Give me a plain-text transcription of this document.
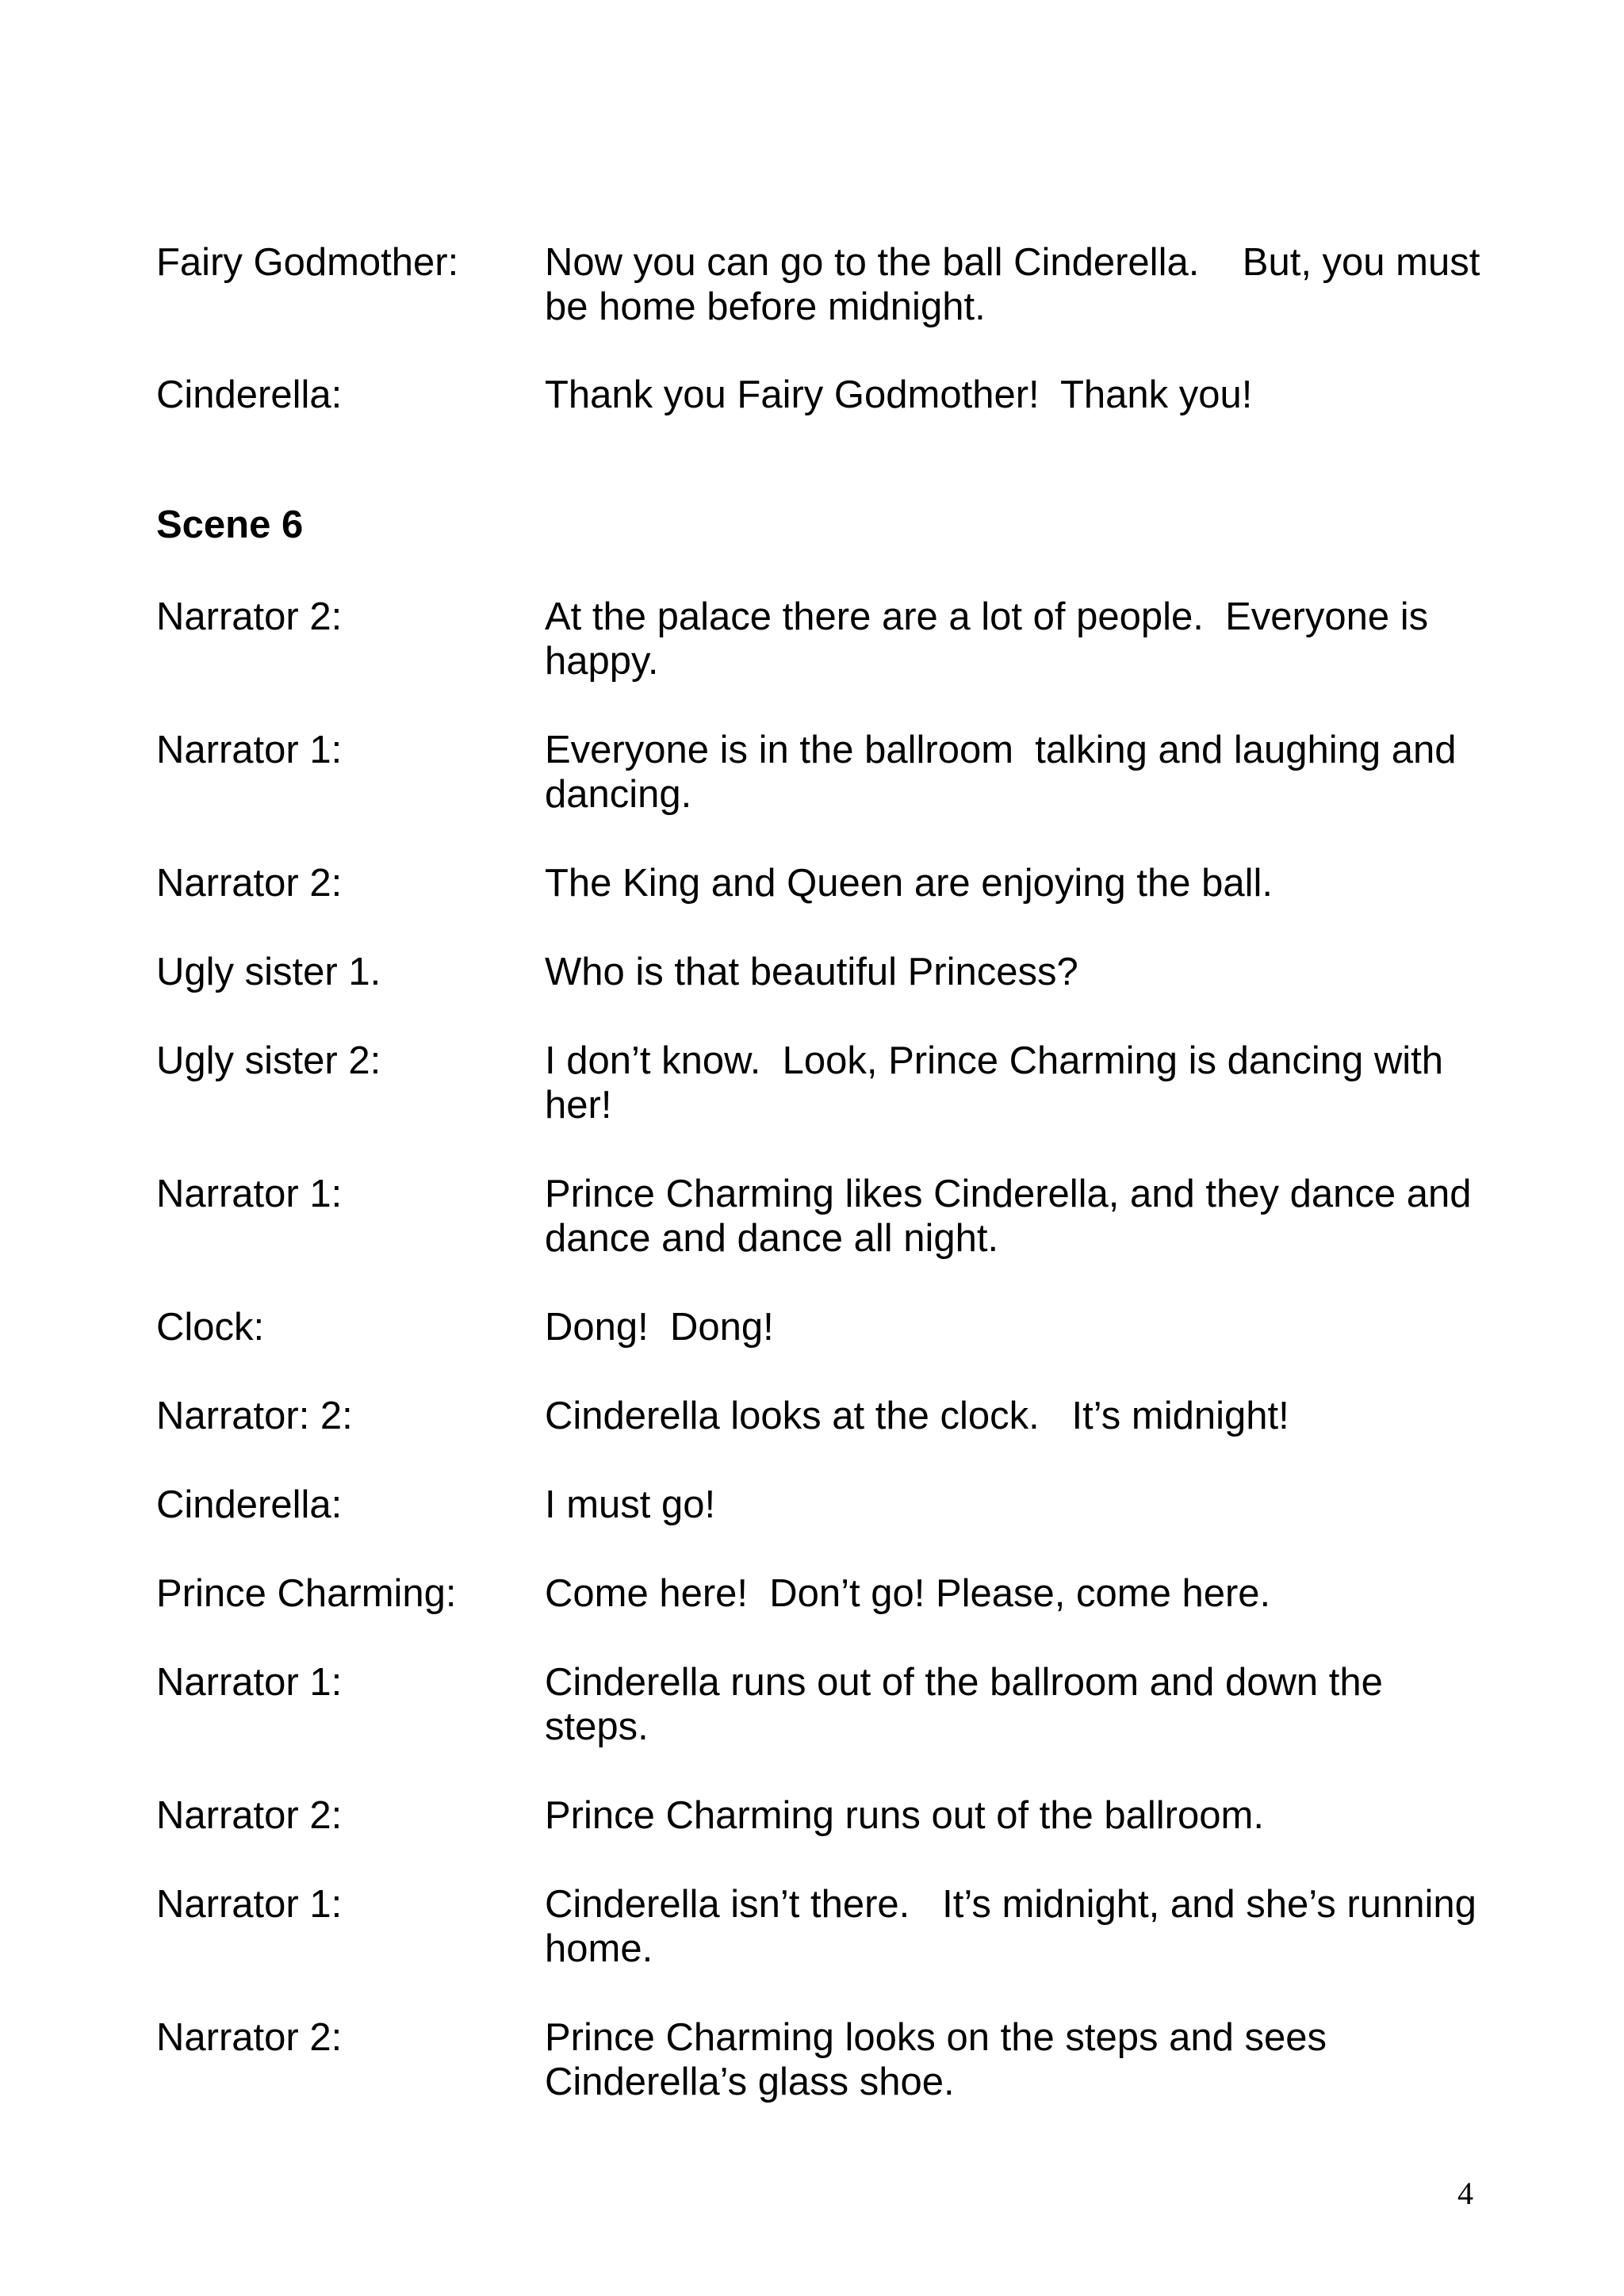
Fairy Godmother: Now you can go to the ball Cinderella.    But, you must be home before midnight.
Cinderella:	Thank you Fairy Godmother!  Thank you!
Scene 6
Narrator 2:	At the palace there are a lot of people.  Everyone is happy.
Narrator 1:	Everyone is in the ballroom  talking and laughing and dancing.
Narrator 2:	The King and Queen are enjoying the ball.
Ugly sister 1.	Who is that beautiful Princess?
Ugly sister 2:	I don’t know.  Look, Prince Charming is dancing with her!
Narrator 1:	Prince Charming likes Cinderella, and they dance and dance and dance all night.
Clock:	Dong!  Dong!
Narrator: 2:	Cinderella looks at the clock.   It’s midnight!
Cinderella:	I must go!
Prince Charming: Come here!  Don’t go! Please, come here.
Narrator 1:	Cinderella runs out of the ballroom and down the steps.
Narrator 2:	Prince Charming runs out of the ballroom.
Narrator 1:	Cinderella isn’t there.   It’s midnight, and she’s running home.
Narrator 2:	Prince Charming looks on the steps and sees Cinderella’s glass shoe.
4
